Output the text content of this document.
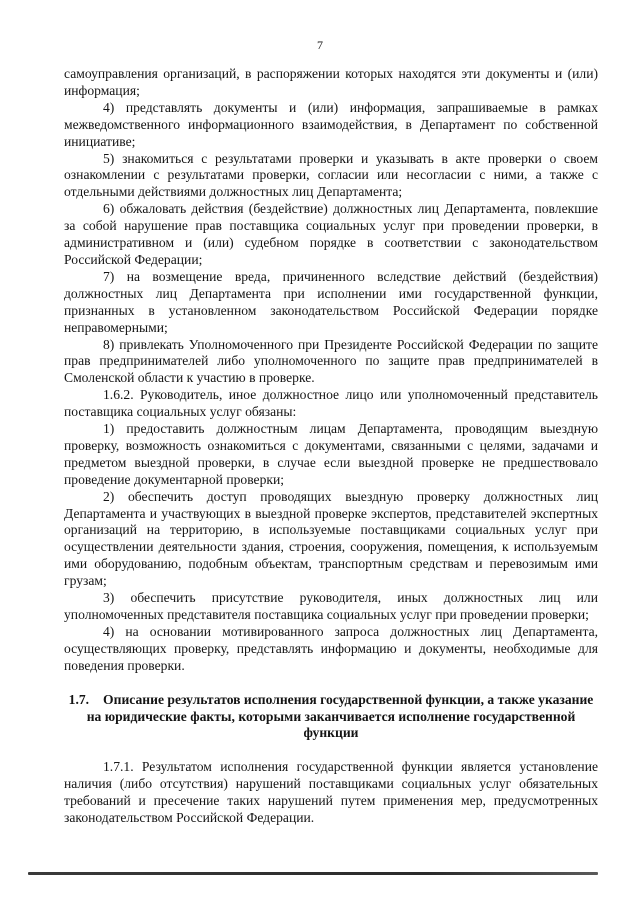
7

самоуправления организаций, в распоряжении которых находятся эти документы и (или) информация;

4) представлять документы и (или) информация, запрашиваемые в рамках межведомственного информационного взаимодействия, в Департамент по собственной инициативе;

5) знакомиться с результатами проверки и указывать в акте проверки о своем ознакомлении с результатами проверки, согласии или несогласии с ними, а также с отдельными действиями должностных лиц Департамента;

6) обжаловать действия (бездействие) должностных лиц Департамента, повлекшие за собой нарушение прав поставщика социальных услуг при проведении проверки, в административном и (или) судебном порядке в соответствии с законодательством Российской Федерации;

7) на возмещение вреда, причиненного вследствие действий (бездействия) должностных лиц Департамента при исполнении ими государственной функции, признанных в установленном законодательством Российской Федерации порядке неправомерными;

8) привлекать Уполномоченного при Президенте Российской Федерации по защите прав предпринимателей либо уполномоченного по защите прав предпринимателей в Смоленской области к участию в проверке.

1.6.2. Руководитель, иное должностное лицо или уполномоченный представитель поставщика социальных услуг обязаны:

1) предоставить должностным лицам Департамента, проводящим выездную проверку, возможность ознакомиться с документами, связанными с целями, задачами и предметом выездной проверки, в случае если выездной проверке не предшествовало проведение документарной проверки;

2) обеспечить доступ проводящих выездную проверку должностных лиц Департамента и участвующих в выездной проверке экспертов, представителей экспертных организаций на территорию, в используемые поставщиками социальных услуг при осуществлении деятельности здания, строения, сооружения, помещения, к используемым ими оборудованию, подобным объектам, транспортным средствам и перевозимым ими грузам;

3) обеспечить присутствие руководителя, иных должностных лиц или уполномоченных представителя поставщика социальных услуг при проведении проверки;

4) на основании мотивированного запроса должностных лиц Департамента, осуществляющих проверку, представлять информацию и документы, необходимые для поведения проверки.

1.7. Описание результатов исполнения государственной функции, а также указание на юридические факты, которыми заканчивается исполнение государственной функции

1.7.1. Результатом исполнения государственной функции является установление наличия (либо отсутствия) нарушений поставщиками социальных услуг обязательных требований и пресечение таких нарушений путем применения мер, предусмотренных законодательством Российской Федерации.
